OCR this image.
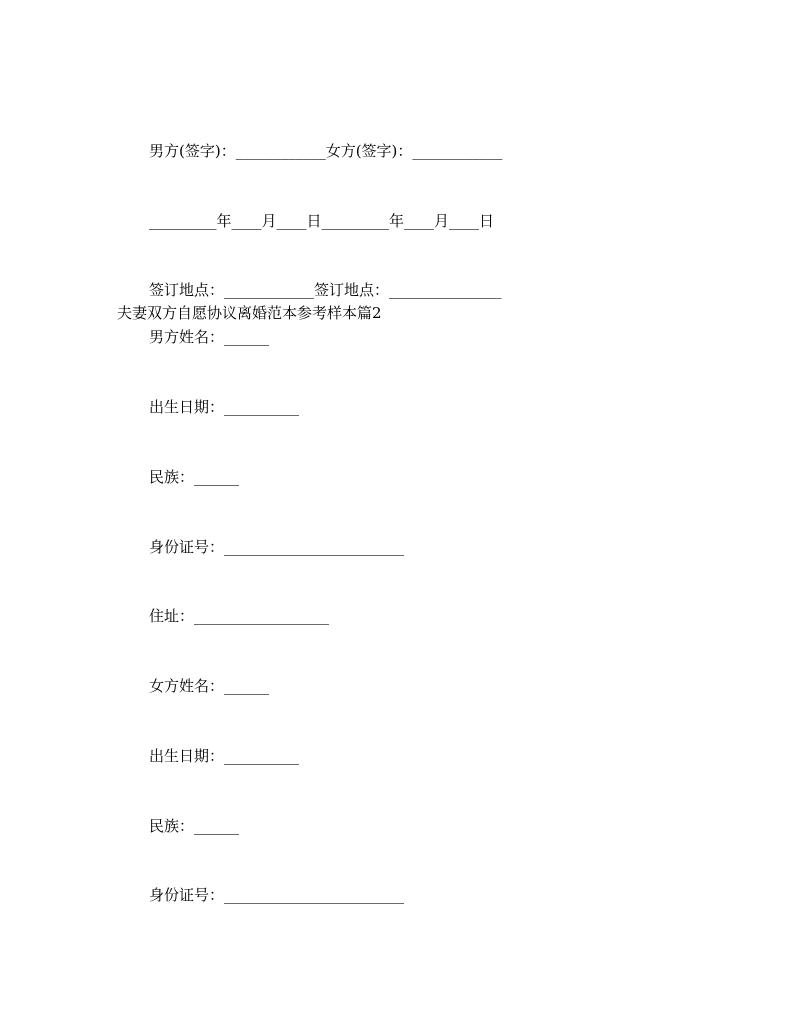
男方(签字)：____________女方(签字)：____________
_________年____月____日_________年____月____日
签订地点：____________签订地点：_______________
夫妻双方自愿协议离婚范本参考样本篇2
男方姓名：______
出生日期：__________
民族：______
身份证号：________________________
住址：__________________
女方姓名：______
出生日期：__________
民族：______
身份证号：________________________
